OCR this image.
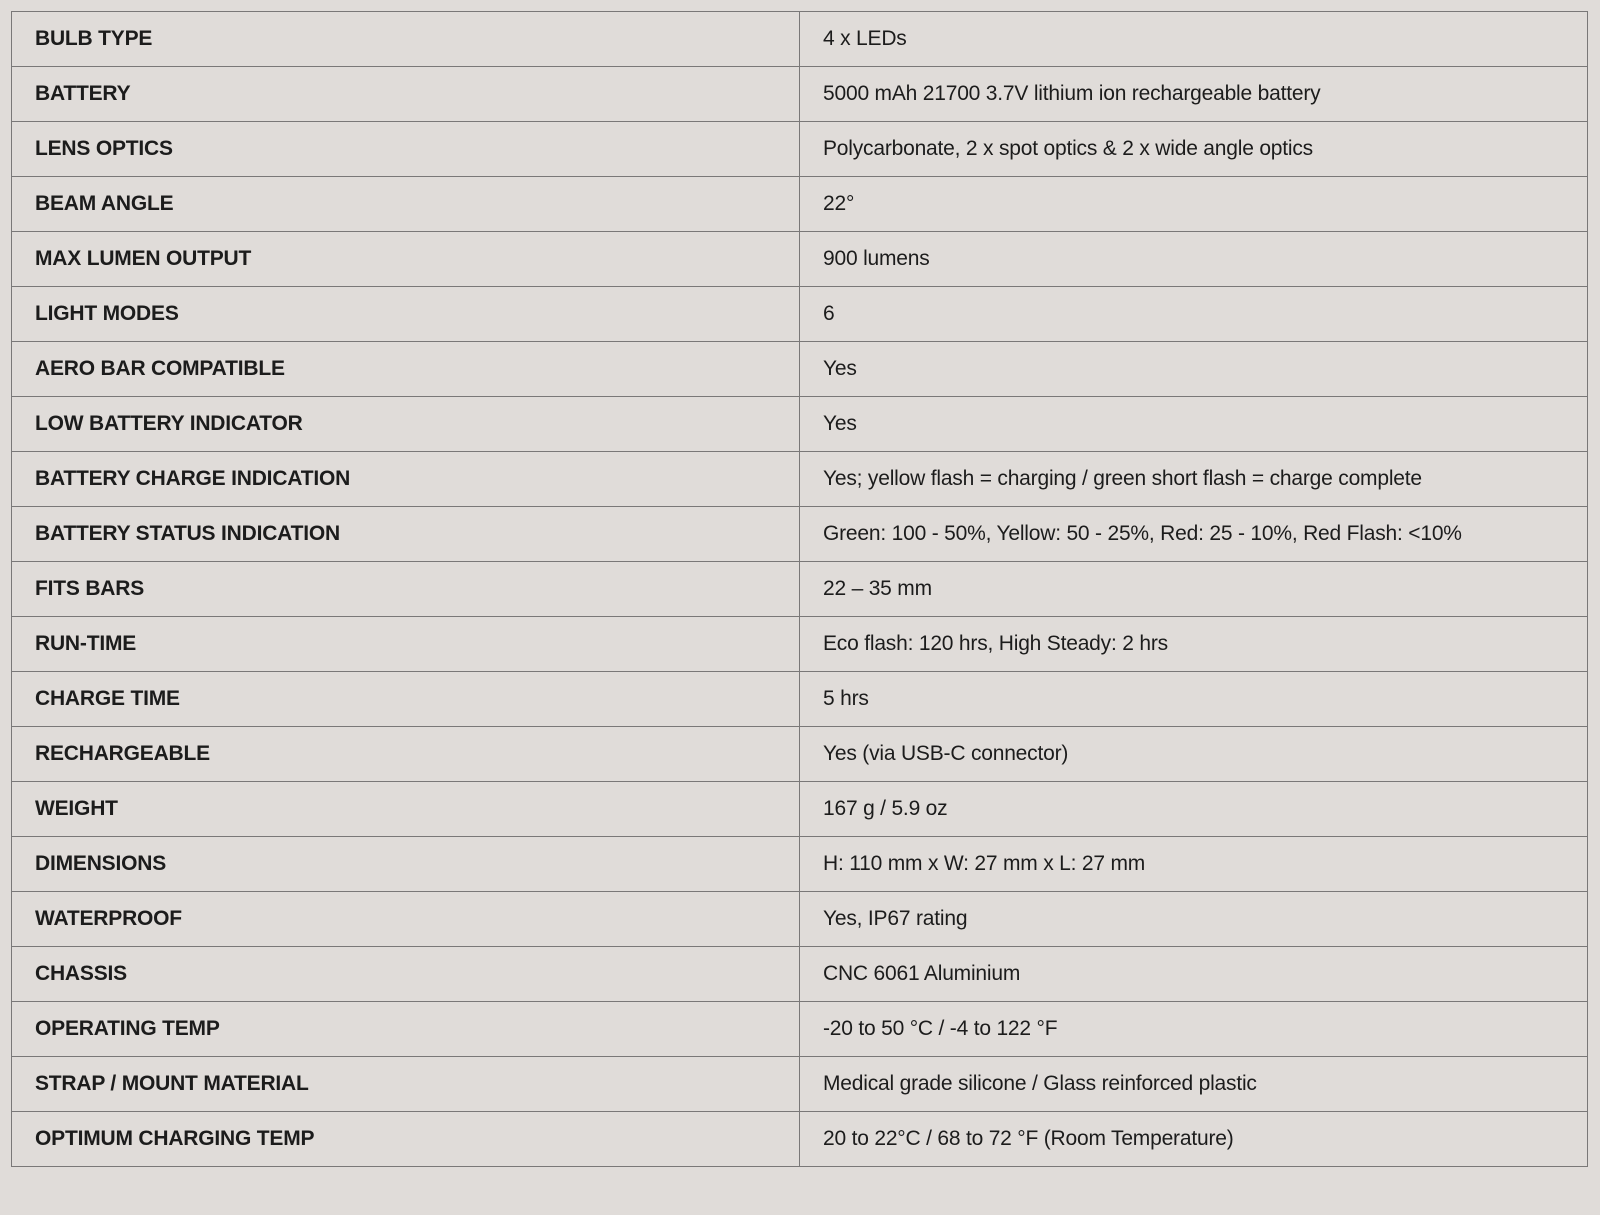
BULB TYPE	4 x LEDs
BATTERY	5000 mAh 21700 3.7V lithium ion rechargeable battery
LENS OPTICS	Polycarbonate, 2 x spot optics & 2 x wide angle optics
BEAM ANGLE	22°
MAX LUMEN OUTPUT	900 lumens
LIGHT MODES	6
AERO BAR COMPATIBLE	Yes
LOW BATTERY INDICATOR	Yes
BATTERY CHARGE INDICATION	Yes; yellow flash = charging / green short flash = charge complete
BATTERY STATUS INDICATION	Green: 100 - 50%, Yellow: 50 - 25%, Red: 25 - 10%, Red Flash: <10%
FITS BARS	22 – 35 mm
RUN-TIME	Eco flash: 120 hrs, High Steady: 2 hrs
CHARGE TIME	5 hrs
RECHARGEABLE	Yes (via USB-C connector)
WEIGHT	167 g / 5.9 oz
DIMENSIONS	H: 110 mm x W: 27 mm x L: 27 mm
WATERPROOF	Yes, IP67 rating
CHASSIS	CNC 6061 Aluminium
OPERATING TEMP	-20 to 50 °C / -4 to 122 °F
STRAP / MOUNT MATERIAL	Medical grade silicone / Glass reinforced plastic
OPTIMUM CHARGING TEMP	20 to 22°C / 68 to 72 °F (Room Temperature)
